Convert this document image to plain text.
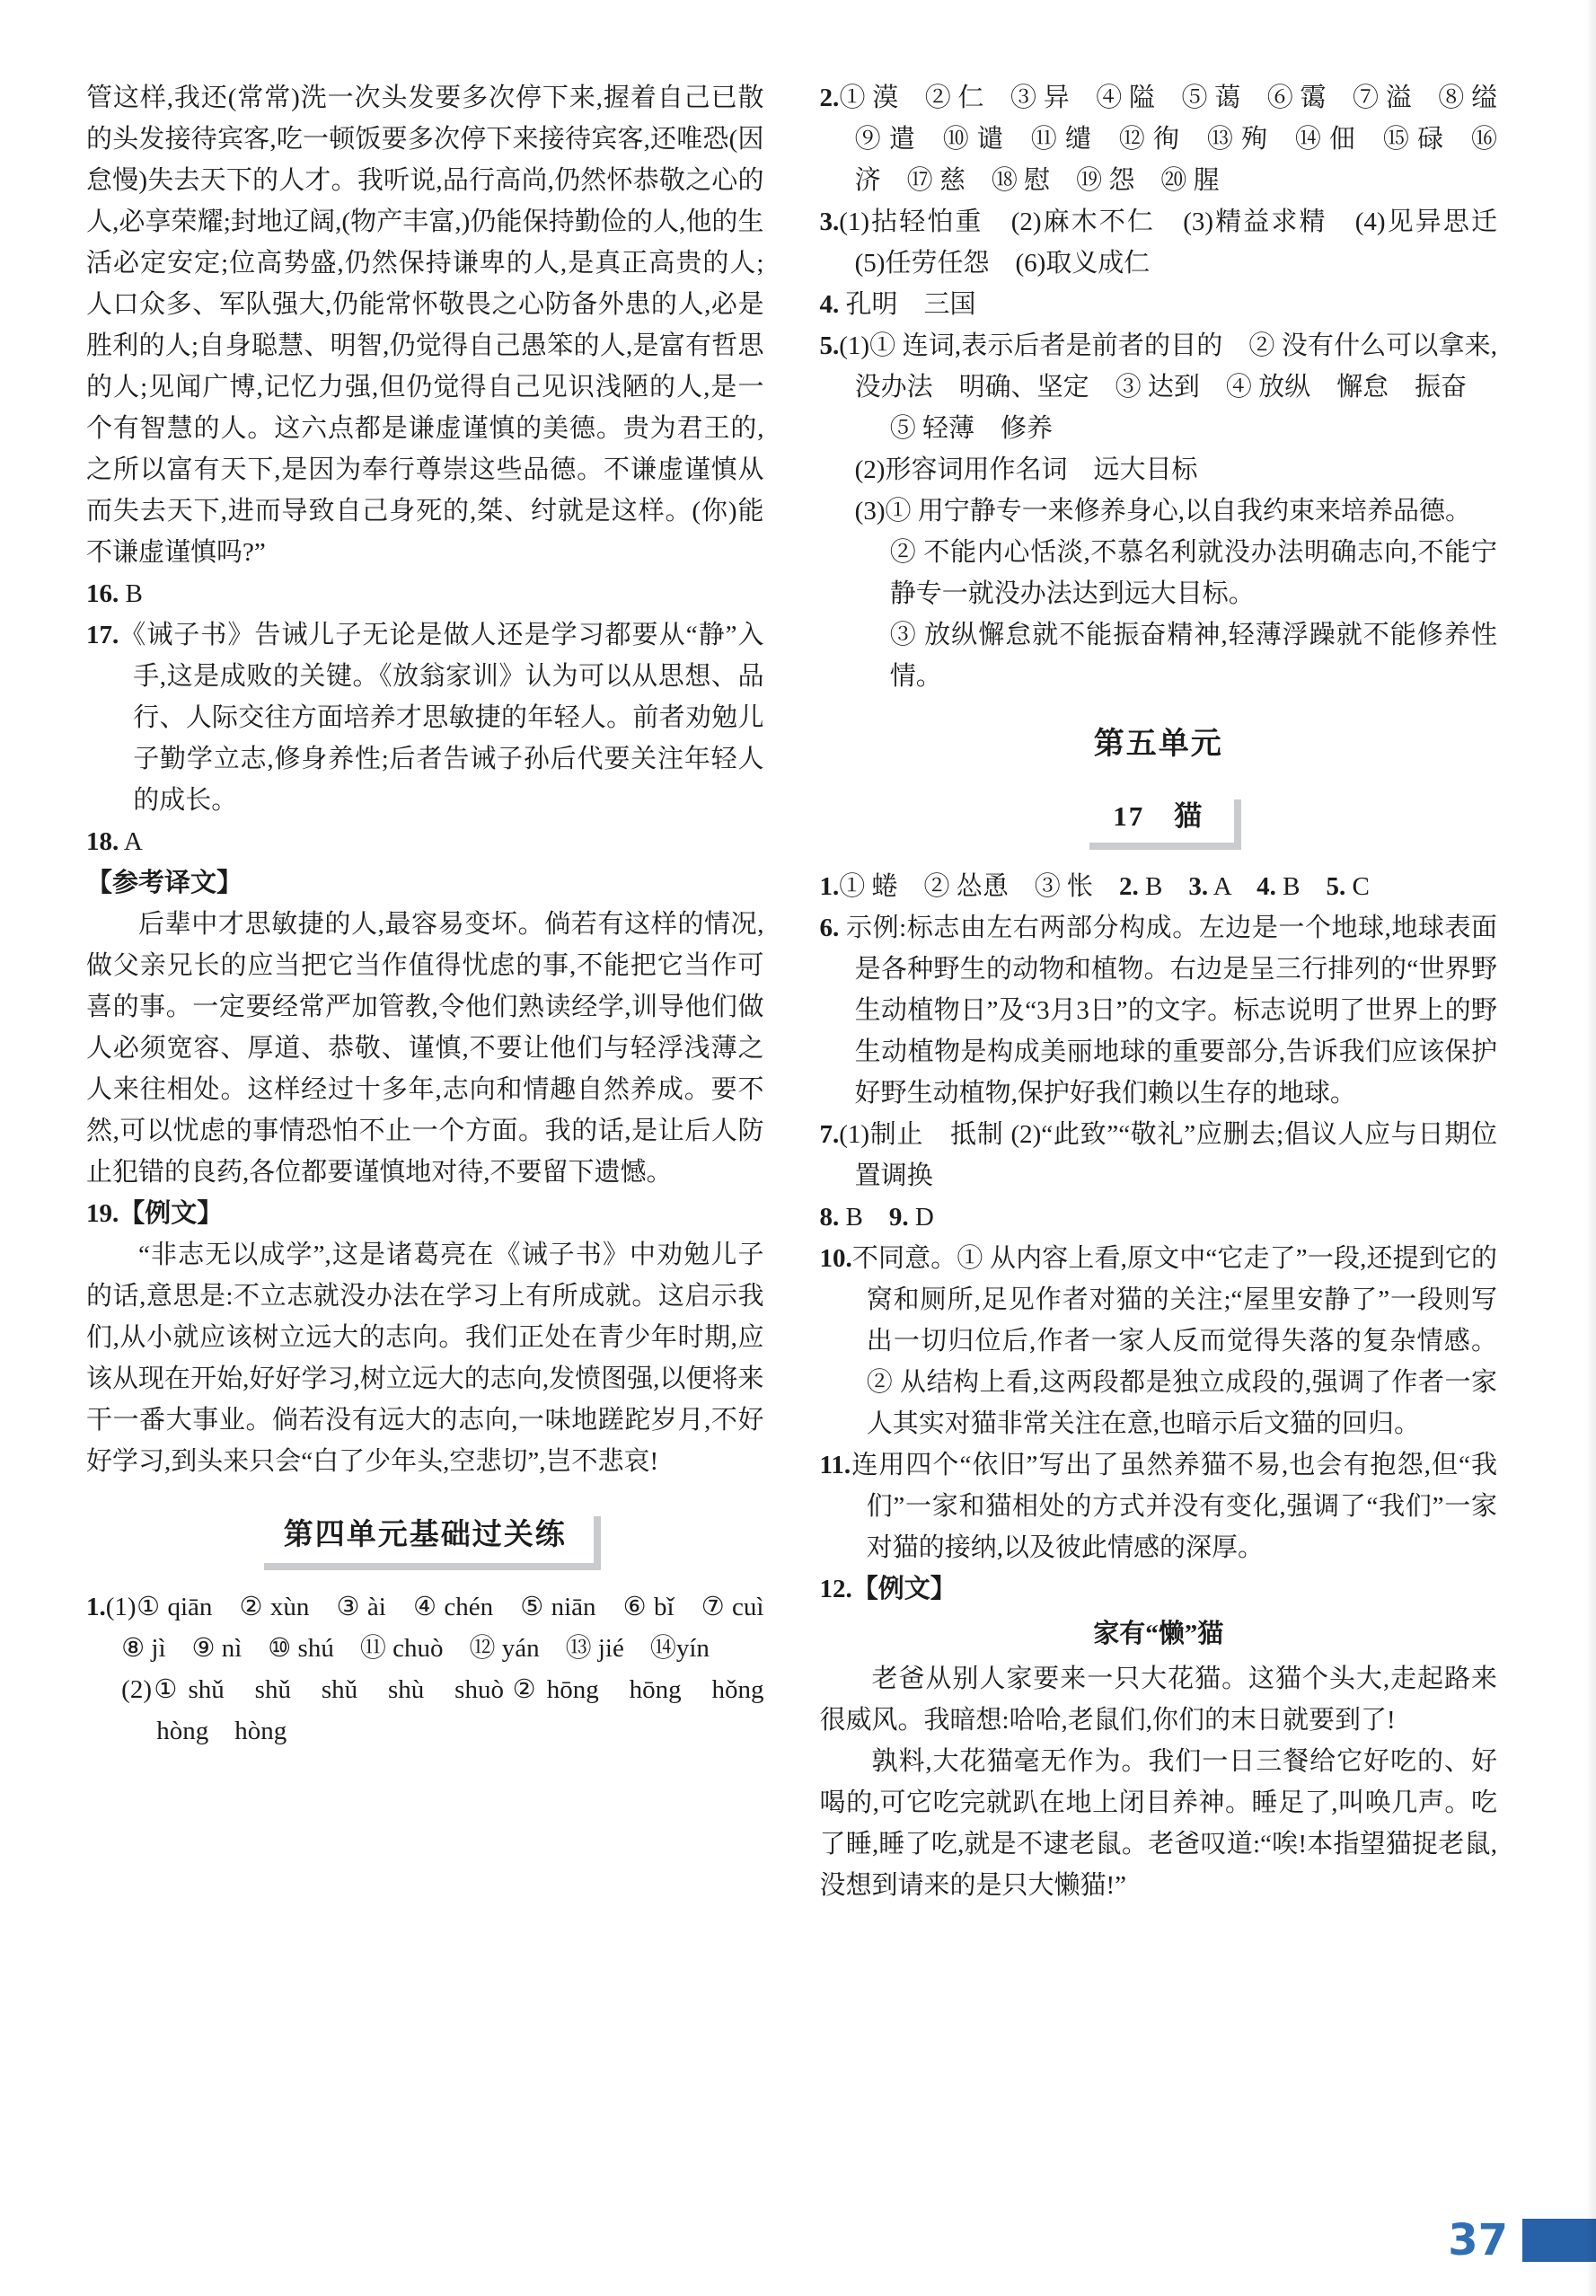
管这样,我还(常常)洗一次头发要多次停下来,握着自己已散的头发接待宾客,吃一顿饭要多次停下来接待宾客,还唯恐(因怠慢)失去天下的人才。我听说,品行高尚,仍然怀恭敬之心的人,必享荣耀;封地辽阔,(物产丰富,)仍能保持勤俭的人,他的生活必定安定;位高势盛,仍然保持谦卑的人,是真正高贵的人;人口众多、军队强大,仍能常怀敬畏之心防备外患的人,必是胜利的人;自身聪慧、明智,仍觉得自己愚笨的人,是富有哲思的人;见闻广博,记忆力强,但仍觉得自己见识浅陋的人,是一个有智慧的人。这六点都是谦虚谨慎的美德。贵为君王的,之所以富有天下,是因为奉行尊崇这些品德。不谦虚谨慎从而失去天下,进而导致自己身死的,桀、纣就是这样。(你)能不谦虚谨慎吗?”
16. B
17.《诫子书》告诫儿子无论是做人还是学习都要从“静”入手,这是成败的关键。《放翁家训》认为可以从思想、品行、人际交往方面培养才思敏捷的年轻人。前者劝勉儿子勤学立志,修身养性;后者告诫子孙后代要关注年轻人的成长。
18. A
【参考译文】
后辈中才思敏捷的人,最容易变坏。倘若有这样的情况,做父亲兄长的应当把它当作值得忧虑的事,不能把它当作可喜的事。一定要经常严加管教,令他们熟读经学,训导他们做人必须宽容、厚道、恭敬、谨慎,不要让他们与轻浮浅薄之人来往相处。这样经过十多年,志向和情趣自然养成。要不然,可以忧虑的事情恐怕不止一个方面。我的话,是让后人防止犯错的良药,各位都要谨慎地对待,不要留下遗憾。
19.【例文】
“非志无以成学”,这是诸葛亮在《诫子书》中劝勉儿子的话,意思是:不立志就没办法在学习上有所成就。这启示我们,从小就应该树立远大的志向。我们正处在青少年时期,应该从现在开始,好好学习,树立远大的志向,发愤图强,以便将来干一番大事业。倘若没有远大的志向,一味地蹉跎岁月,不好好学习,到头来只会“白了少年头,空悲切”,岂不悲哀!
第四单元基础过关练
1.(1)① qiān　② xùn　③ ài　④ chén　⑤ niān　⑥ bǐ　⑦ cuì　⑧ jì　⑨ nì　⑩ shú　⑪ chuò　⑫ yán　⑬ jié　⑭yín
(2)① shǔ　shǔ　shǔ　shù　shuò ② hōng　hōng　hǒng　hòng　hòng
2.① 漠　② 仁　③ 异　④ 隘　⑤ 蔼　⑥ 霭　⑦ 溢　⑧ 缢　⑨ 遣　⑩ 谴　⑪ 缱　⑫ 徇　⑬ 殉　⑭ 佃　⑮ 碌　⑯ 济　⑰ 慈　⑱ 慰　⑲ 怨　⑳ 腥
3.(1)拈轻怕重　(2)麻木不仁　(3)精益求精　(4)见异思迁　(5)任劳任怨　(6)取义成仁
4. 孔明　三国
5.(1)① 连词,表示后者是前者的目的　② 没有什么可以拿来,没办法　明确、坚定　③ 达到　④ 放纵　懈怠　振奋
⑤ 轻薄　修养
(2)形容词用作名词　远大目标
(3)① 用宁静专一来修养身心,以自我约束来培养品德。
② 不能内心恬淡,不慕名利就没办法明确志向,不能宁静专一就没办法达到远大目标。
③ 放纵懈怠就不能振奋精神,轻薄浮躁就不能修养性情。
第五单元
17　猫
1.① 蜷　② 怂恿　③ 怅　2. B　3. A　4. B　5. C
6. 示例:标志由左右两部分构成。左边是一个地球,地球表面是各种野生的动物和植物。右边是呈三行排列的“世界野生动植物日”及“3月3日”的文字。标志说明了世界上的野生动植物是构成美丽地球的重要部分,告诉我们应该保护好野生动植物,保护好我们赖以生存的地球。
7.(1)制止　抵制 (2)“此致”“敬礼”应删去;倡议人应与日期位置调换
8. B　9. D
10.不同意。① 从内容上看,原文中“它走了”一段,还提到它的窝和厕所,足见作者对猫的关注;“屋里安静了”一段则写出一切归位后,作者一家人反而觉得失落的复杂情感。② 从结构上看,这两段都是独立成段的,强调了作者一家人其实对猫非常关注在意,也暗示后文猫的回归。
11.连用四个“依旧”写出了虽然养猫不易,也会有抱怨,但“我们”一家和猫相处的方式并没有变化,强调了“我们”一家对猫的接纳,以及彼此情感的深厚。
12.【例文】
家有“懒”猫
老爸从别人家要来一只大花猫。这猫个头大,走起路来很威风。我暗想:哈哈,老鼠们,你们的末日就要到了!
孰料,大花猫毫无作为。我们一日三餐给它好吃的、好喝的,可它吃完就趴在地上闭目养神。睡足了,叫唤几声。吃了睡,睡了吃,就是不逮老鼠。老爸叹道:“唉!本指望猫捉老鼠,没想到请来的是只大懒猫!”
37
